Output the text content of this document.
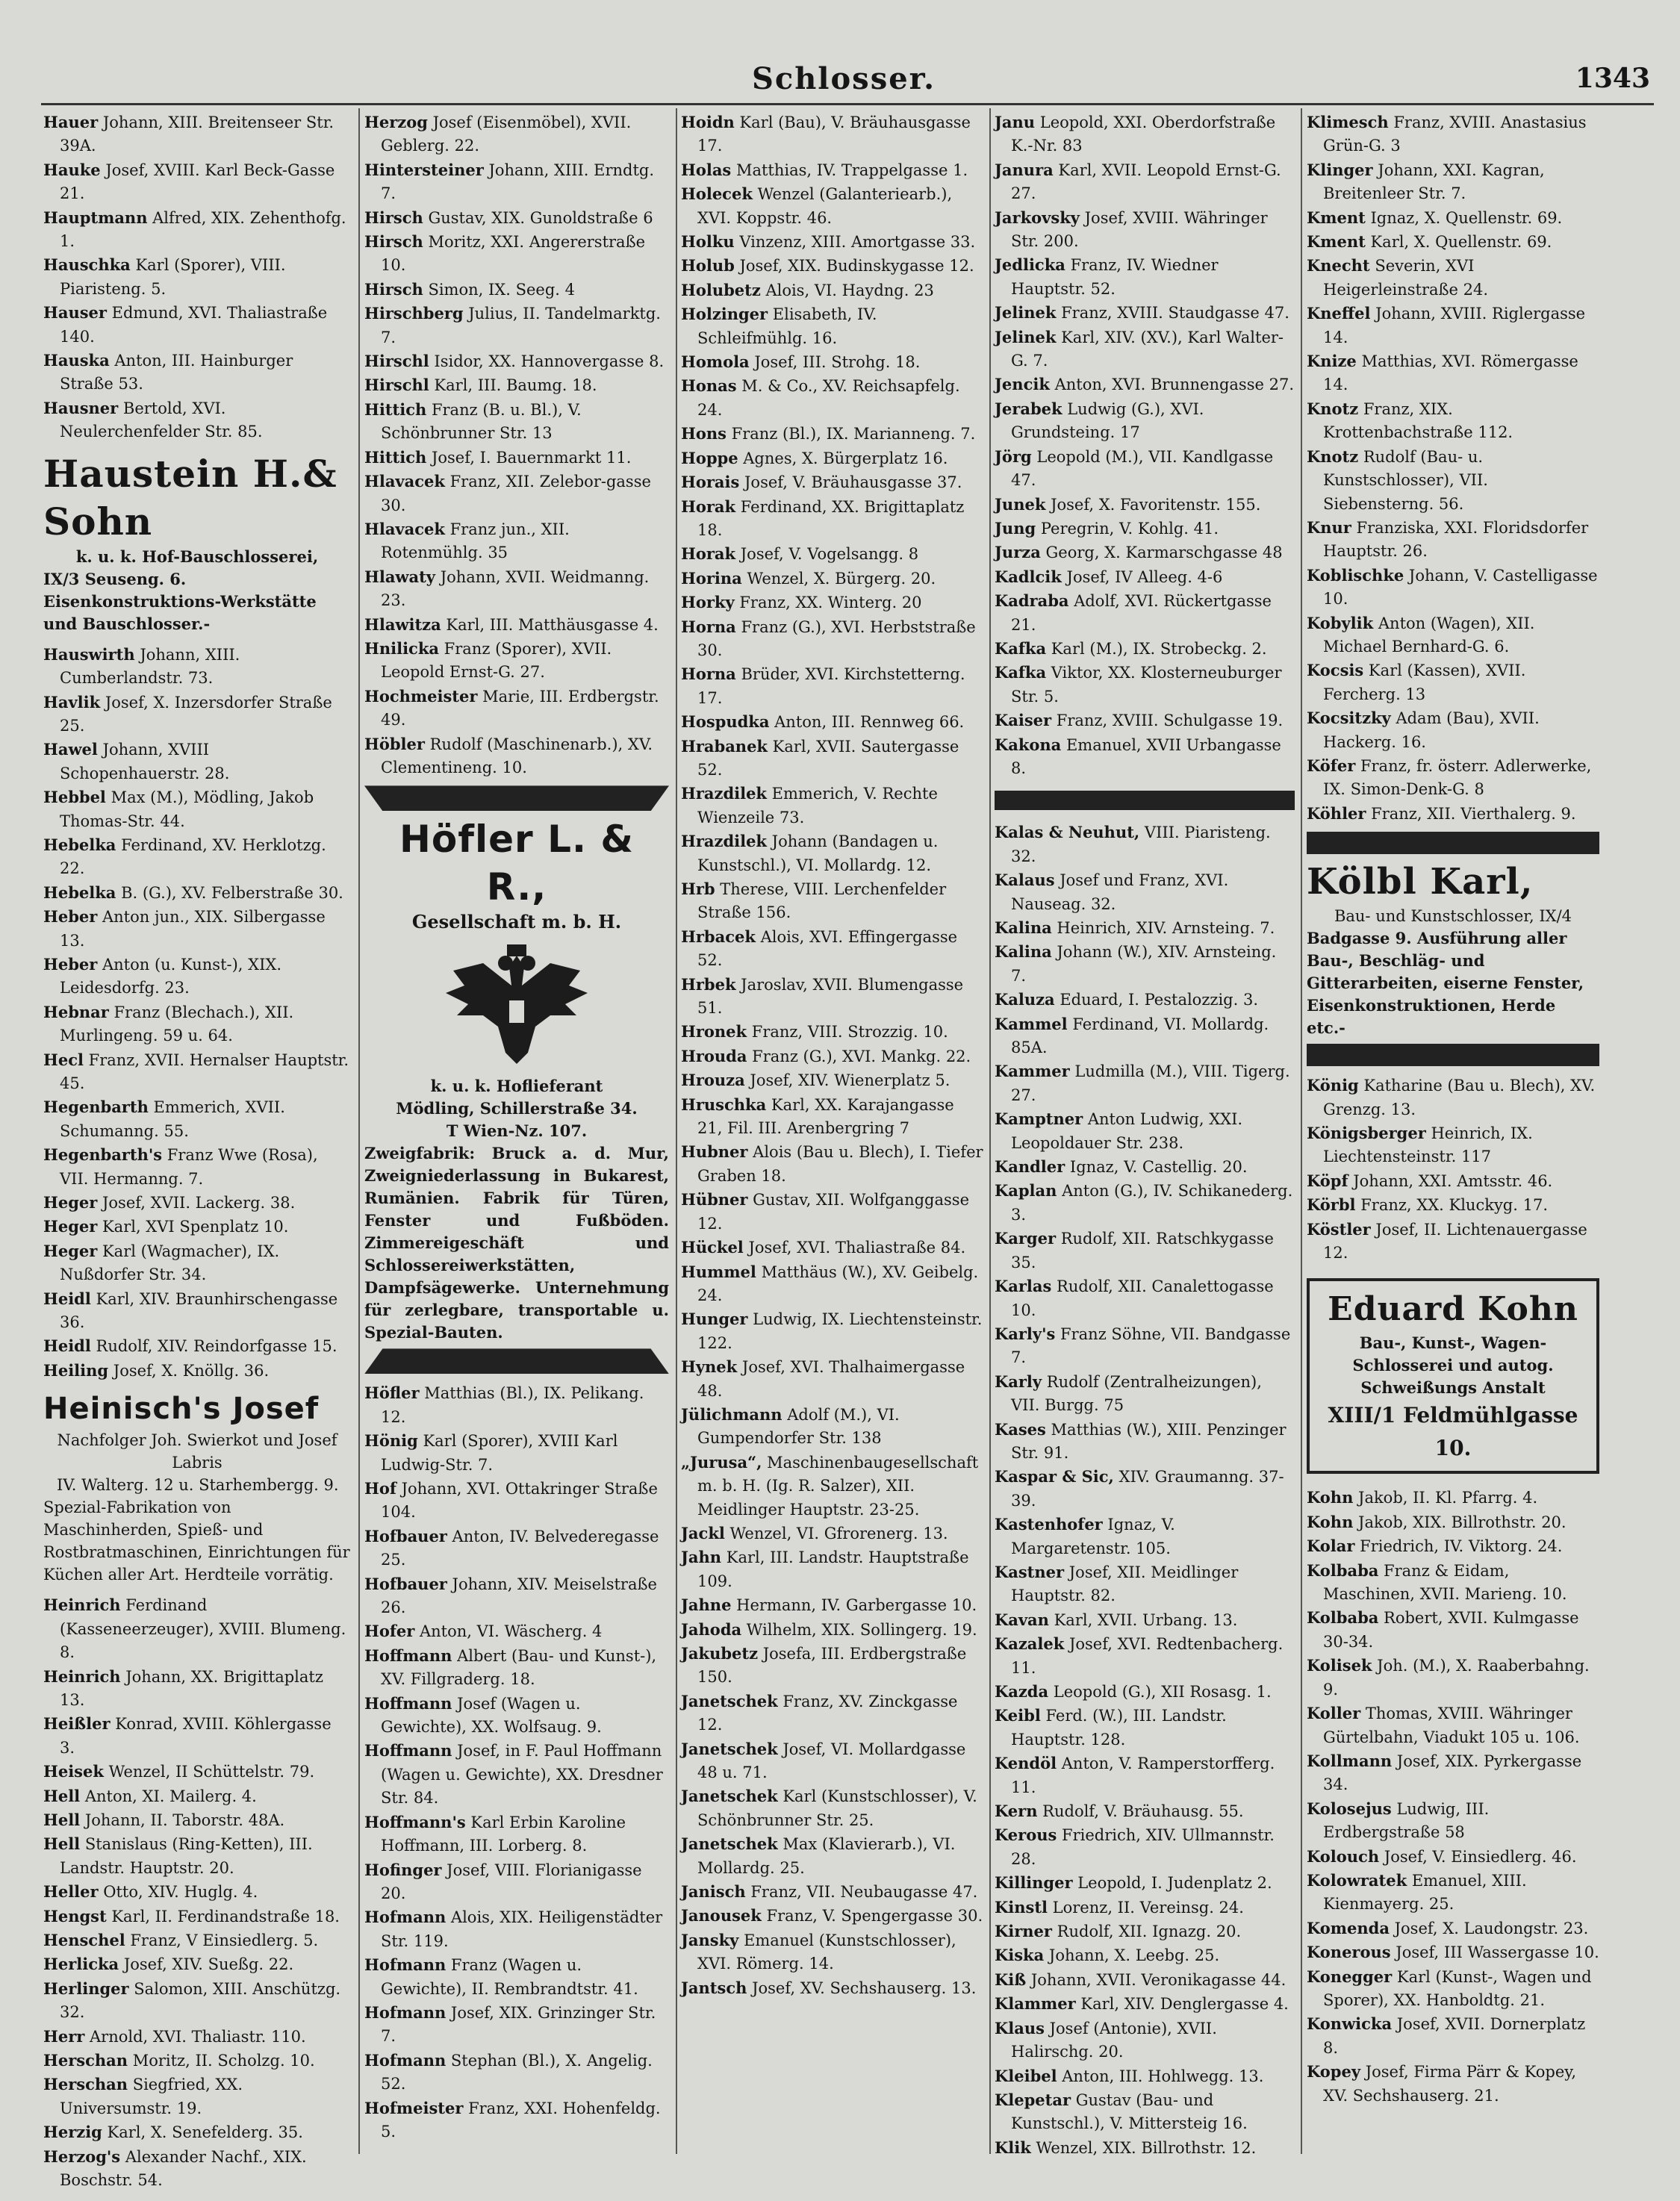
Schlosser.	1343

Hauer Johann, XIII. Breitenseer Str. 39A.

Hauke Josef, XVIII. Karl Beck-Gasse 21.

Hauptmann Alfred, XIX. Zehenthofg. 1.

Hauschka Karl (Sporer), VIII. Piaristeng. 5.

Hauser Edmund, XVI. Thaliastraße 140.

Hauska Anton, III. Hainburger Straße 53.

Hausner Bertold, XVI. Neulerchenfelder Str. 85.

Haustein H.& Sohn
k. u. k. Hof-Bauschlosserei,
IX/3 Seuseng. 6. Eisenkonstruktions-Werkstätte
und Bauschlosser.-

Hauswirth Johann, XIII. Cumberlandstr. 73.

Havlik Josef, X. Inzersdorfer Straße 25.

Hawel Johann, XVIII Schopenhauerstr. 28.

Hebbel Max (M.), Mödling, Jakob Thomas-Str. 44.

Hebelka Ferdinand, XV. Herklotzg. 22.

Hebelka B. (G.), XV. Felberstraße 30.

Heber Anton jun., XIX. Silbergasse 13.

Heber Anton (u. Kunst-), XIX. Leidesdorfg. 23.

Hebnar Franz (Blechach.), XII. Murlingeng. 59 u. 64.

Hecl Franz, XVII. Hernalser Hauptstr. 45.

Hegenbarth Emmerich, XVII. Schumanng. 55.

Hegenbarth's Franz Wwe (Rosa), VII. Hermanng. 7.

Heger Josef, XVII. Lackerg. 38.

Heger Karl, XVI Spenplatz 10.

Heger Karl (Wagmacher), IX. Nußdorfer Str. 34.

Heidl Karl, XIV. Braunhirschengasse 36.

Heidl Rudolf, XIV. Reindorfgasse 15.

Heiling Josef, X. Knöllg. 36.

Heinisch's Josef
Nachfolger Joh. Swierkot und Josef Labris
IV. Walterg. 12 u. Starhembergg. 9. Spezial-Fabrikation von Maschinherden, Spieß- und Rostbratmaschinen, Einrichtungen für Küchen aller Art. Herdteile vorrätig.

Heinrich Ferdinand (Kasseneerzeuger), XVIII. Blumeng. 8.

Heinrich Johann, XX. Brigittaplatz 13.

Heißler Konrad, XVIII. Köhlergasse 3.

Heisek Wenzel, II Schüttelstr. 79.

Hell Anton, XI. Mailerg. 4.

Hell Johann, II. Taborstr. 48A.

Hell Stanislaus (Ring-Ketten), III. Landstr. Hauptstr. 20.

Heller Otto, XIV. Huglg. 4.

Hengst Karl, II. Ferdinandstraße 18.

Henschel Franz, V Einsiedlerg. 5.

Herlicka Josef, XIV. Sueßg. 22.

Herlinger Salomon, XIII. Anschützg. 32.

Herr Arnold, XVI. Thaliastr. 110.

Herschan Moritz, II. Scholzg. 10.

Herschan Siegfried, XX. Universumstr. 19.

Herzig Karl, X. Senefelderg. 35.

Herzog's Alexander Nachf., XIX. Boschstr. 54.

Herzog Josef (Eisenmöbel), XVII. Geblerg. 22.

Hintersteiner Johann, XIII. Erndtg. 7.

Hirsch Gustav, XIX. Gunoldstraße 6

Hirsch Moritz, XXI. Angererstraße 10.

Hirsch Simon, IX. Seeg. 4

Hirschberg Julius, II. Tandelmarktg. 7.

Hirschl Isidor, XX. Hannovergasse 8.

Hirschl Karl, III. Baumg. 18.

Hittich Franz (B. u. Bl.), V. Schönbrunner Str. 13

Hittich Josef, I. Bauernmarkt 11.

Hlavacek Franz, XII. Zelebor-gasse 30.

Hlavacek Franz jun., XII. Rotenmühlg. 35

Hlawaty Johann, XVII. Weidmanng. 23.

Hlawitza Karl, III. Matthäusgasse 4.

Hnilicka Franz (Sporer), XVII. Leopold Ernst-G. 27.

Hochmeister Marie, III. Erdbergstr. 49.

Höbler Rudolf (Maschinenarb.), XV. Clementineng. 10.

Höfler L. & R.,
Gesellschaft m. b. H.
k. u. k. Hoflieferant
Mödling, Schillerstraße 34.
T Wien-Nz. 107.
Zweigfabrik: Bruck a. d. Mur, Zweigniederlassung in Bukarest, Rumänien. Fabrik für Türen, Fenster und Fußböden. Zimmereigeschäft und Schlossereiwerkstätten, Dampfsägewerke. Unternehmung für zerlegbare, transportable u. Spezial-Bauten.

Höfler Matthias (Bl.), IX. Pelikang. 12.

Hönig Karl (Sporer), XVIII Karl Ludwig-Str. 7.

Hof Johann, XVI. Ottakringer Straße 104.

Hofbauer Anton, IV. Belvederegasse 25.

Hofbauer Johann, XIV. Meiselstraße 26.

Hofer Anton, VI. Wäscherg. 4

Hoffmann Albert (Bau- und Kunst-), XV. Fillgraderg. 18.

Hoffmann Josef (Wagen u. Gewichte), XX. Wolfsaug. 9.

Hoffmann Josef, in F. Paul Hoffmann (Wagen u. Gewichte), XX. Dresdner Str. 84.

Hoffmann's Karl Erbin Karoline Hoffmann, III. Lorberg. 8.

Hofinger Josef, VIII. Florianigasse 20.

Hofmann Alois, XIX. Heiligenstädter Str. 119.

Hofmann Franz (Wagen u. Gewichte), II. Rembrandtstr. 41.

Hofmann Josef, XIX. Grinzinger Str. 7.

Hofmann Stephan (Bl.), X. Angelig. 52.

Hofmeister Franz, XXI. Hohenfeldg. 5.

Hoidn Karl (Bau), V. Bräuhausgasse 17.

Holas Matthias, IV. Trappelgasse 1.

Holecek Wenzel (Galanteriearb.), XVI. Koppstr. 46.

Holku Vinzenz, XIII. Amortgasse 33.

Holub Josef, XIX. Budinskygasse 12.

Holubetz Alois, VI. Haydng. 23

Holzinger Elisabeth, IV. Schleifmühlg. 16.

Homola Josef, III. Strohg. 18.

Honas M. & Co., XV. Reichsapfelg. 24.

Hons Franz (Bl.), IX. Marianneng. 7.

Hoppe Agnes, X. Bürgerplatz 16.

Horais Josef, V. Bräuhausgasse 37.

Horak Ferdinand, XX. Brigittaplatz 18.

Horak Josef, V. Vogelsangg. 8

Horina Wenzel, X. Bürgerg. 20.

Horky Franz, XX. Winterg. 20

Horna Franz (G.), XVI. Herbststraße 30.

Horna Brüder, XVI. Kirchstetterng. 17.

Hospudka Anton, III. Rennweg 66.

Hrabanek Karl, XVII. Sautergasse 52.

Hrazdilek Emmerich, V. Rechte Wienzeile 73.

Hrazdilek Johann (Bandagen u. Kunstschl.), VI. Mollardg. 12.

Hrb Therese, VIII. Lerchenfelder Straße 156.

Hrbacek Alois, XVI. Effingergasse 52.

Hrbek Jaroslav, XVII. Blumengasse 51.

Hronek Franz, VIII. Strozzig. 10.

Hrouda Franz (G.), XVI. Mankg. 22.

Hrouza Josef, XIV. Wienerplatz 5.

Hruschka Karl, XX. Karajangasse 21, Fil. III. Arenbergring 7

Hubner Alois (Bau u. Blech), I. Tiefer Graben 18.

Hübner Gustav, XII. Wolfganggasse 12.

Hückel Josef, XVI. Thaliastraße 84.

Hummel Matthäus (W.), XV. Geibelg. 24.

Hunger Ludwig, IX. Liechtensteinstr. 122.

Hynek Josef, XVI. Thalhaimergasse 48.

Jülichmann Adolf (M.), VI. Gumpendorfer Str. 138

„Jurusa“, Maschinenbaugesellschaft m. b. H. (Ig. R. Salzer), XII. Meidlinger Hauptstr. 23-25.

Jackl Wenzel, VI. Gfrorenerg. 13.

Jahn Karl, III. Landstr. Hauptstraße 109.

Jahne Hermann, IV. Garbergasse 10.

Jahoda Wilhelm, XIX. Sollingerg. 19.

Jakubetz Josefa, III. Erdbergstraße 150.

Janetschek Franz, XV. Zinckgasse 12.

Janetschek Josef, VI. Mollardgasse 48 u. 71.

Janetschek Karl (Kunstschlosser), V. Schönbrunner Str. 25.

Janetschek Max (Klavierarb.), VI. Mollardg. 25.

Janisch Franz, VII. Neubaugasse 47.

Janousek Franz, V. Spengergasse 30.

Jansky Emanuel (Kunstschlosser), XVI. Römerg. 14.

Jantsch Josef, XV. Sechshauserg. 13.

Janu Leopold, XXI. Oberdorfstraße K.-Nr. 83

Janura Karl, XVII. Leopold Ernst-G. 27.

Jarkovsky Josef, XVIII. Währinger Str. 200.

Jedlicka Franz, IV. Wiedner Hauptstr. 52.

Jelinek Franz, XVIII. Staudgasse 47.

Jelinek Karl, XIV. (XV.), Karl Walter-G. 7.

Jencik Anton, XVI. Brunnengasse 27.

Jerabek Ludwig (G.), XVI. Grundsteing. 17

Jörg Leopold (M.), VII. Kandlgasse 47.

Junek Josef, X. Favoritenstr. 155.

Jung Peregrin, V. Kohlg. 41.

Jurza Georg, X. Karmarschgasse 48

Kadlcik Josef, IV Alleeg. 4-6

Kadraba Adolf, XVI. Rückertgasse 21.

Kafka Karl (M.), IX. Strobeckg. 2.

Kafka Viktor, XX. Klosterneuburger Str. 5.

Kaiser Franz, XVIII. Schulgasse 19.

Kakona Emanuel, XVII Urbangasse 8.

Kalas & Neuhut, VIII. Piaristeng. 32.

Kalaus Josef und Franz, XVI. Nauseag. 32.

Kalina Heinrich, XIV. Arnsteing. 7.

Kalina Johann (W.), XIV. Arnsteing. 7.

Kaluza Eduard, I. Pestalozzig. 3.

Kammel Ferdinand, VI. Mollardg. 85A.

Kammer Ludmilla (M.), VIII. Tigerg. 27.

Kamptner Anton Ludwig, XXI. Leopoldauer Str. 238.

Kandler Ignaz, V. Castellig. 20.

Kaplan Anton (G.), IV. Schikanederg. 3.

Karger Rudolf, XII. Ratschkygasse 35.

Karlas Rudolf, XII. Canalettogasse 10.

Karly's Franz Söhne, VII. Bandgasse 7.

Karly Rudolf (Zentralheizungen), VII. Burgg. 75

Kases Matthias (W.), XIII. Penzinger Str. 91.

Kaspar & Sic, XIV. Graumanng. 37-39.

Kastenhofer Ignaz, V. Margaretenstr. 105.

Kastner Josef, XII. Meidlinger Hauptstr. 82.

Kavan Karl, XVII. Urbang. 13.

Kazalek Josef, XVI. Redtenbacherg. 11.

Kazda Leopold (G.), XII Rosasg. 1.

Keibl Ferd. (W.), III. Landstr. Hauptstr. 128.

Kendöl Anton, V. Ramperstorfferg. 11.

Kern Rudolf, V. Bräuhausg. 55.

Kerous Friedrich, XIV. Ullmannstr. 28.

Killinger Leopold, I. Judenplatz 2.

Kinstl Lorenz, II. Vereinsg. 24.

Kirner Rudolf, XII. Ignazg. 20.

Kiska Johann, X. Leebg. 25.

Kiß Johann, XVII. Veronikagasse 44.

Klammer Karl, XIV. Denglergasse 4.

Klaus Josef (Antonie), XVII. Halirschg. 20.

Kleibel Anton, III. Hohlwegg. 13.

Klepetar Gustav (Bau- und Kunstschl.), V. Mittersteig 16.

Klik Wenzel, XIX. Billrothstr. 12.

Klimesch Franz, XVIII. Anastasius Grün-G. 3

Klinger Johann, XXI. Kagran, Breitenleer Str. 7.

Kment Ignaz, X. Quellenstr. 69.

Kment Karl, X. Quellenstr. 69.

Knecht Severin, XVI Heigerleinstraße 24.

Kneffel Johann, XVIII. Riglergasse 14.

Knize Matthias, XVI. Römergasse 14.

Knotz Franz, XIX. Krottenbachstraße 112.

Knotz Rudolf (Bau- u. Kunstschlosser), VII. Siebensterng. 56.

Knur Franziska, XXI. Floridsdorfer Hauptstr. 26.

Koblischke Johann, V. Castelligasse 10.

Kobylik Anton (Wagen), XII. Michael Bernhard-G. 6.

Kocsis Karl (Kassen), XVII. Fercherg. 13

Kocsitzky Adam (Bau), XVII. Hackerg. 16.

Köfer Franz, fr. österr. Adlerwerke, IX. Simon-Denk-G. 8

Köhler Franz, XII. Vierthalerg. 9.

Kölbl Karl,
Bau- und Kunstschlosser, IX/4
Badgasse 9. Ausführung aller Bau-, Beschläg- und Gitterarbeiten, eiserne Fenster, Eisenkonstruktionen, Herde etc.-

König Katharine (Bau u. Blech), XV. Grenzg. 13.

Königsberger Heinrich, IX. Liechtensteinstr. 117

Köpf Johann, XXI. Amtsstr. 46.

Körbl Franz, XX. Kluckyg. 17.

Köstler Josef, II. Lichtenauergasse 12.

Eduard Kohn
Bau-, Kunst-, Wagen-
Schlosserei und autog.
Schweißungs Anstalt
XIII/1 Feldmühlgasse 10.

Kohn Jakob, II. Kl. Pfarrg. 4.

Kohn Jakob, XIX. Billrothstr. 20.

Kolar Friedrich, IV. Viktorg. 24.

Kolbaba Franz & Eidam, Maschinen, XVII. Marieng. 10.

Kolbaba Robert, XVII. Kulmgasse 30-34.

Kolisek Joh. (M.), X. Raaberbahng. 9.

Koller Thomas, XVIII. Währinger Gürtelbahn, Viadukt 105 u. 106.

Kollmann Josef, XIX. Pyrkergasse 34.

Kolosejus Ludwig, III. Erdbergstraße 58

Kolouch Josef, V. Einsiedlerg. 46.

Kolowratek Emanuel, XIII. Kienmayerg. 25.

Komenda Josef, X. Laudongstr. 23.

Konerous Josef, III Wassergasse 10.

Konegger Karl (Kunst-, Wagen und Sporer), XX. Hanboldtg. 21.

Konwicka Josef, XVII. Dornerplatz 8.

Kopey Josef, Firma Pärr & Kopey, XV. Sechshauserg. 21.
